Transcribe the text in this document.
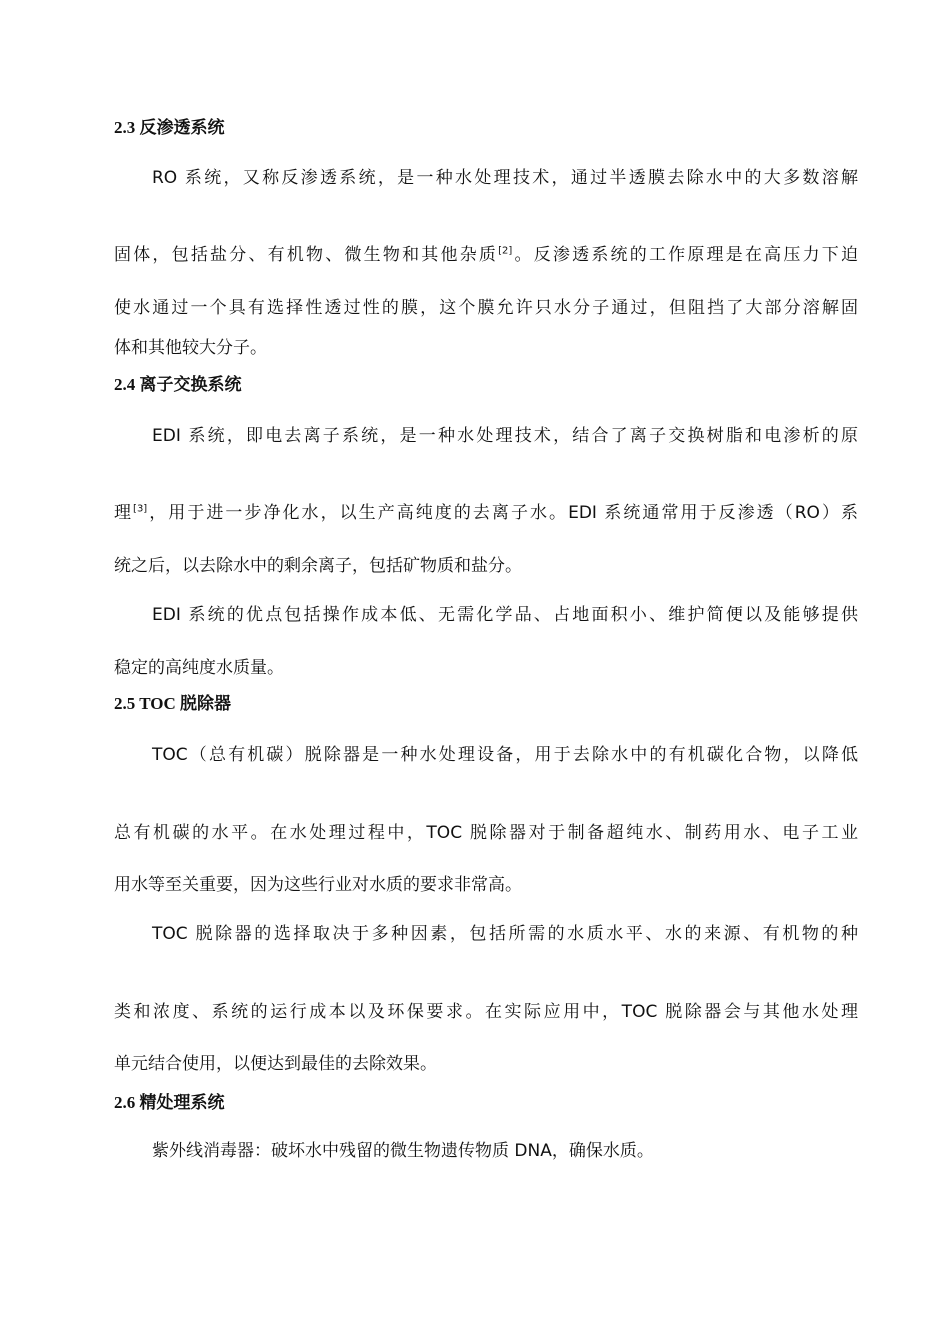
2.3 反渗透系统

RO 系统，又称反渗透系统，是一种水处理技术，通过半透膜去除水中的大多数溶解

固体，包括盐分、有机物、微生物和其他杂质[2]。反渗透系统的工作原理是在高压力下迫

使水通过一个具有选择性透过性的膜，这个膜允许只水分子通过，但阻挡了大部分溶解固

体和其他较大分子。

2.4 离子交换系统

EDI 系统，即电去离子系统，是一种水处理技术，结合了离子交换树脂和电渗析的原

理[3]，用于进一步净化水，以生产高纯度的去离子水。EDI 系统通常用于反渗透（RO）系

统之后，以去除水中的剩余离子，包括矿物质和盐分。

EDI 系统的优点包括操作成本低、无需化学品、占地面积小、维护简便以及能够提供

稳定的高纯度水质量。

2.5 TOC 脱除器

TOC（总有机碳）脱除器是一种水处理设备，用于去除水中的有机碳化合物，以降低

总有机碳的水平。在水处理过程中，TOC 脱除器对于制备超纯水、制药用水、电子工业

用水等至关重要，因为这些行业对水质的要求非常高。

TOC 脱除器的选择取决于多种因素，包括所需的水质水平、水的来源、有机物的种

类和浓度、系统的运行成本以及环保要求。在实际应用中，TOC 脱除器会与其他水处理

单元结合使用，以便达到最佳的去除效果。

2.6 精处理系统

紫外线消毒器：破坏水中残留的微生物遗传物质 DNA，确保水质。
